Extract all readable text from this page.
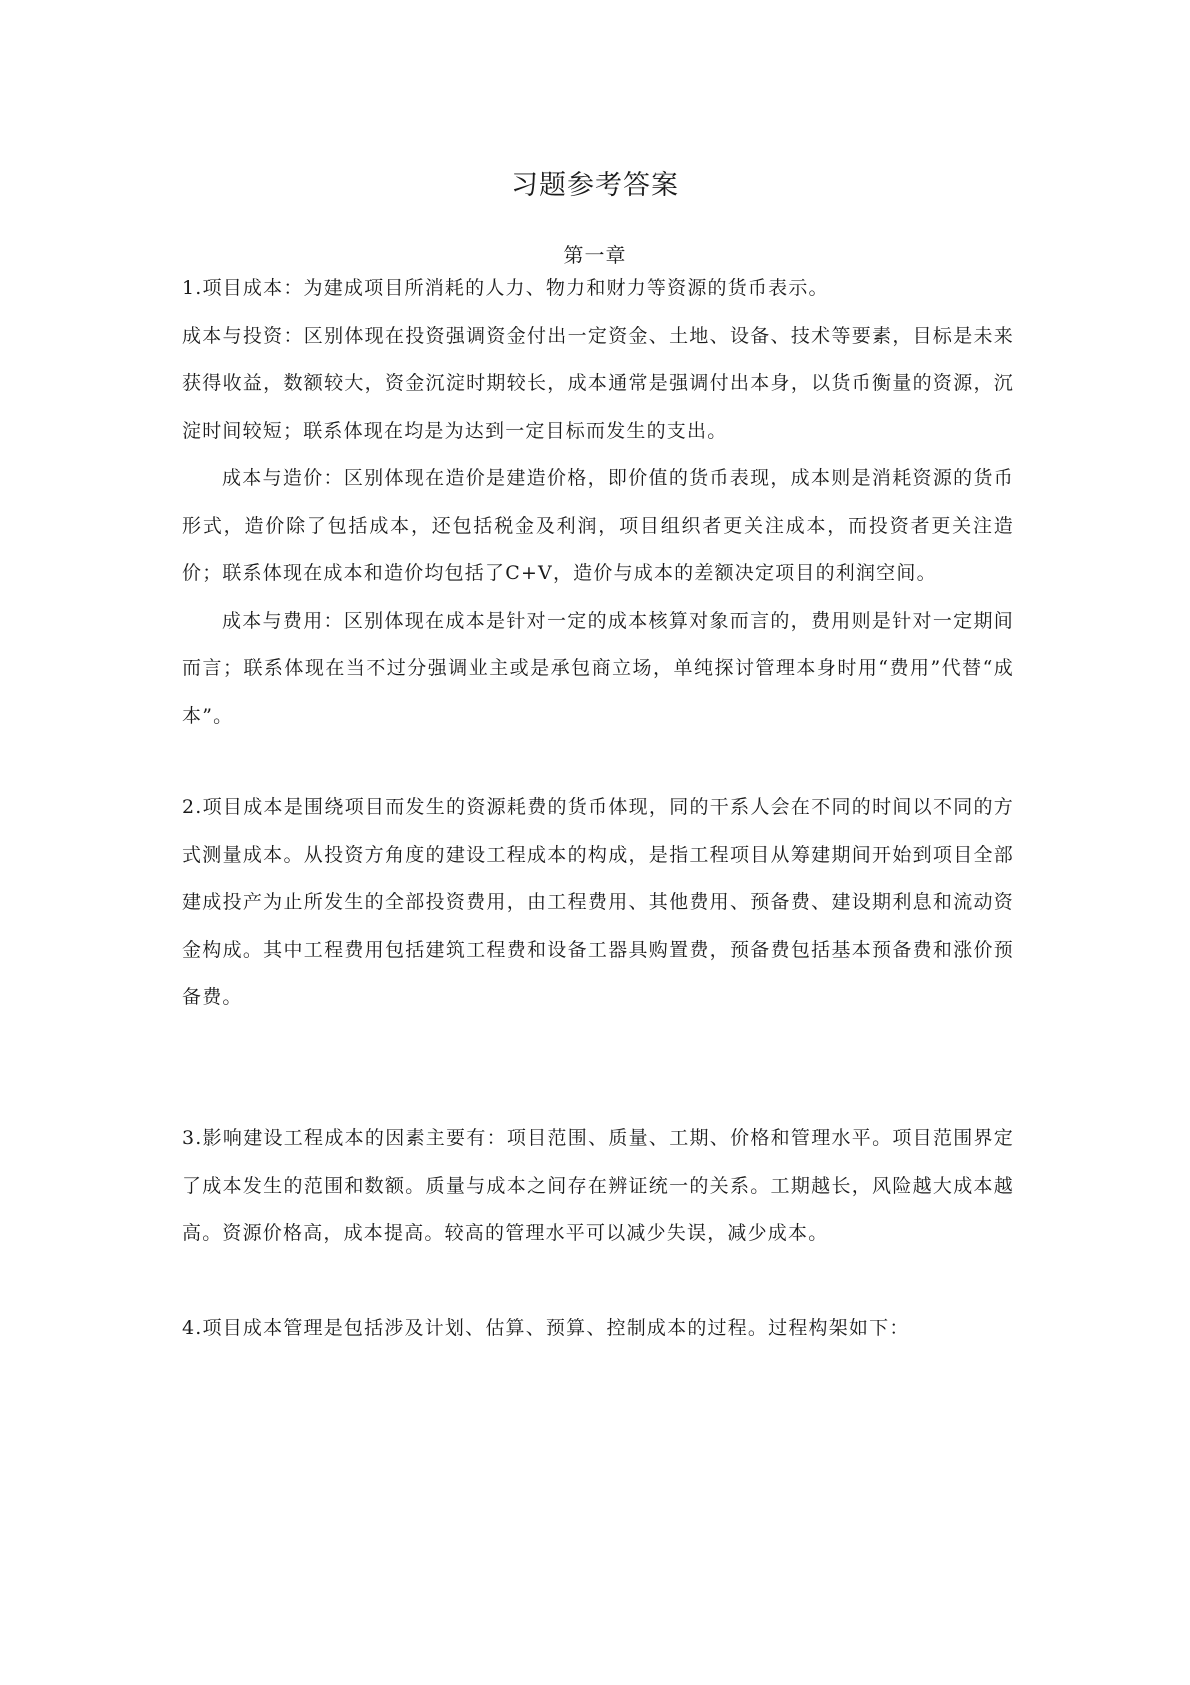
习题参考答案
第一章

1.项目成本：为建成项目所消耗的人力、物力和财力等资源的货币表示。

成本与投资：区别体现在投资强调资金付出一定资金、土地、设备、技术等要素，目标是未来获得收益，数额较大，资金沉淀时期较长，成本通常是强调付出本身，以货币衡量的资源，沉淀时间较短；联系体现在均是为达到一定目标而发生的支出。

成本与造价：区别体现在造价是建造价格，即价值的货币表现，成本则是消耗资源的货币形式，造价除了包括成本，还包括税金及利润，项目组织者更关注成本，而投资者更关注造价；联系体现在成本和造价均包括了C+V，造价与成本的差额决定项目的利润空间。

成本与费用：区别体现在成本是针对一定的成本核算对象而言的，费用则是针对一定期间而言；联系体现在当不过分强调业主或是承包商立场，单纯探讨管理本身时用“费用”代替“成本”。

2.项目成本是围绕项目而发生的资源耗费的货币体现，同的干系人会在不同的时间以不同的方式测量成本。从投资方角度的建设工程成本的构成，是指工程项目从筹建期间开始到项目全部建成投产为止所发生的全部投资费用，由工程费用、其他费用、预备费、建设期利息和流动资金构成。其中工程费用包括建筑工程费和设备工器具购置费，预备费包括基本预备费和涨价预备费。

3.影响建设工程成本的因素主要有：项目范围、质量、工期、价格和管理水平。项目范围界定了成本发生的范围和数额。质量与成本之间存在辨证统一的关系。工期越长，风险越大成本越高。资源价格高，成本提高。较高的管理水平可以减少失误，减少成本。

4.项目成本管理是包括涉及计划、估算、预算、控制成本的过程。过程构架如下：
